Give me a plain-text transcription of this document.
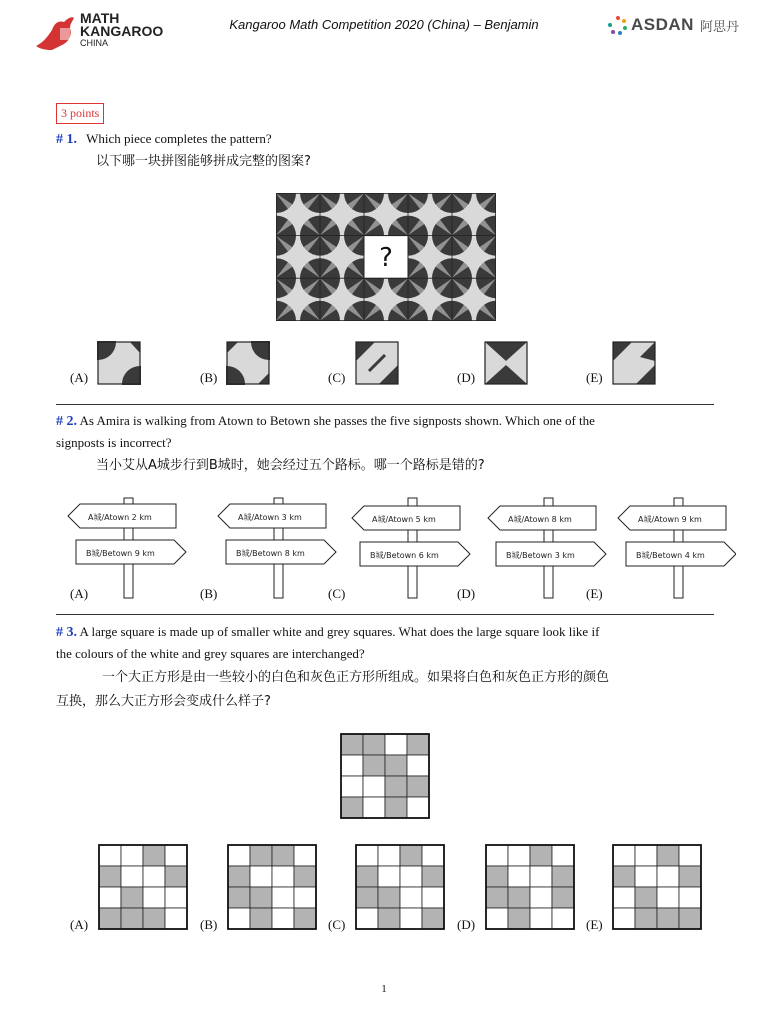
MATH
KANGAROO
CHINA
Kangaroo Math Competition 2020 (China) – Benjamin	ASDAN 阿思丹
3 points
# 1. Which piece completes the pattern?
以下哪一块拼图能够拼成完整的图案?
?
(A)	(B)	(C)	(D)	(E)
# 2. As Amira is walking from Atown to Betown she passes the five signposts shown. Which one of the
signposts is incorrect?
当小艾从A城步行到B城时，她会经过五个路标。哪一个路标是错的?
A城/Atown 2 km
B城/Betown 9 km
A城/Atown 3 km
B城/Betown 8 km
A城/Atown 5 km
B城/Betown 6 km
A城/Atown 8 km
B城/Betown 3 km
A城/Atown 9 km
B城/Betown 4 km
(A)	(B)	(C)	(D)	(E)
# 3. A large square is made up of smaller white and grey squares. What does the large square look like if
the colours of the white and grey squares are interchanged?
一个大正方形是由一些较小的白色和灰色正方形所组成。如果将白色和灰色正方形的颜色
互换，那么大正方形会变成什么样子?
(A)	(B)	(C)	(D)	(E)
1
